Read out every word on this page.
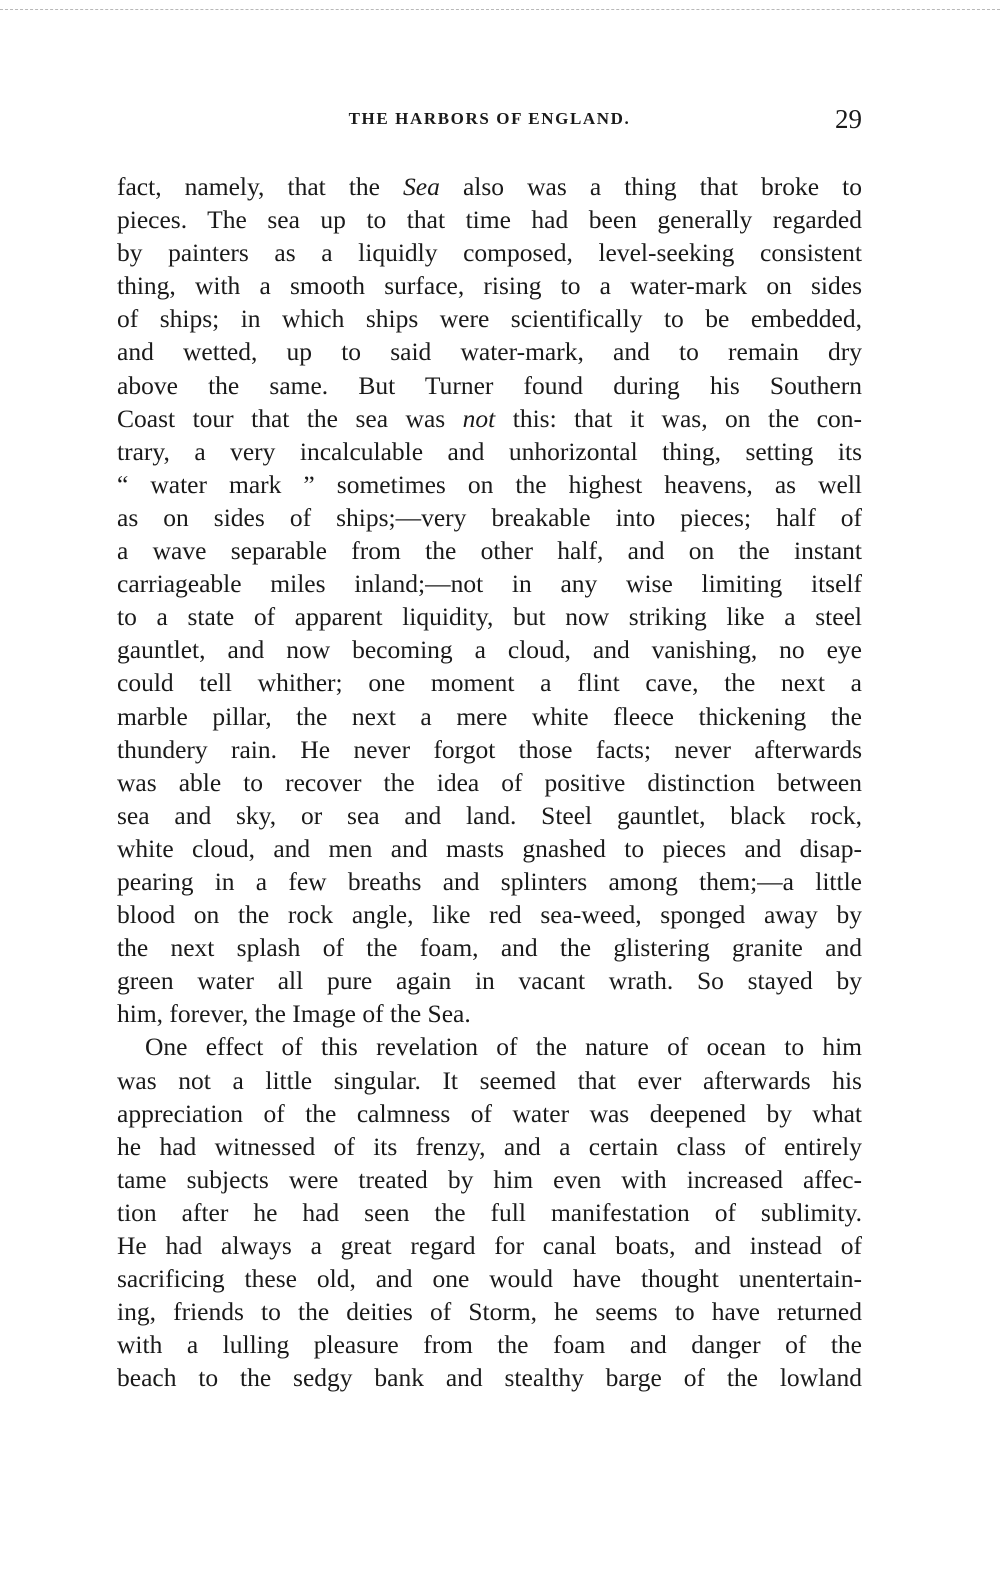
THE HARBORS OF ENGLAND.	29
fact, namely, that the Sea also was a thing that broke to
pieces. The sea up to that time had been generally regarded
by painters as a liquidly composed, level-seeking consistent
thing, with a smooth surface, rising to a water-mark on sides
of ships; in which ships were scientifically to be embedded,
and wetted, up to said water-mark, and to remain dry
above the same. But Turner found during his Southern
Coast tour that the sea was not this: that it was, on the con-
trary, a very incalculable and unhorizontal thing, setting its
“ water mark ” sometimes on the highest heavens, as well
as on sides of ships;—very breakable into pieces; half of
a wave separable from the other half, and on the instant
carriageable miles inland;—not in any wise limiting itself
to a state of apparent liquidity, but now striking like a steel
gauntlet, and now becoming a cloud, and vanishing, no eye
could tell whither; one moment a flint cave, the next a
marble pillar, the next a mere white fleece thickening the
thundery rain. He never forgot those facts; never afterwards
was able to recover the idea of positive distinction between
sea and sky, or sea and land. Steel gauntlet, black rock,
white cloud, and men and masts gnashed to pieces and disap-
pearing in a few breaths and splinters among them;—a little
blood on the rock angle, like red sea-weed, sponged away by
the next splash of the foam, and the glistering granite and
green water all pure again in vacant wrath. So stayed by
him, forever, the Image of the Sea.
One effect of this revelation of the nature of ocean to him
was not a little singular. It seemed that ever afterwards his
appreciation of the calmness of water was deepened by what
he had witnessed of its frenzy, and a certain class of entirely
tame subjects were treated by him even with increased affec-
tion after he had seen the full manifestation of sublimity.
He had always a great regard for canal boats, and instead of
sacrificing these old, and one would have thought unentertain-
ing, friends to the deities of Storm, he seems to have returned
with a lulling pleasure from the foam and danger of the
beach to the sedgy bank and stealthy barge of the lowland
